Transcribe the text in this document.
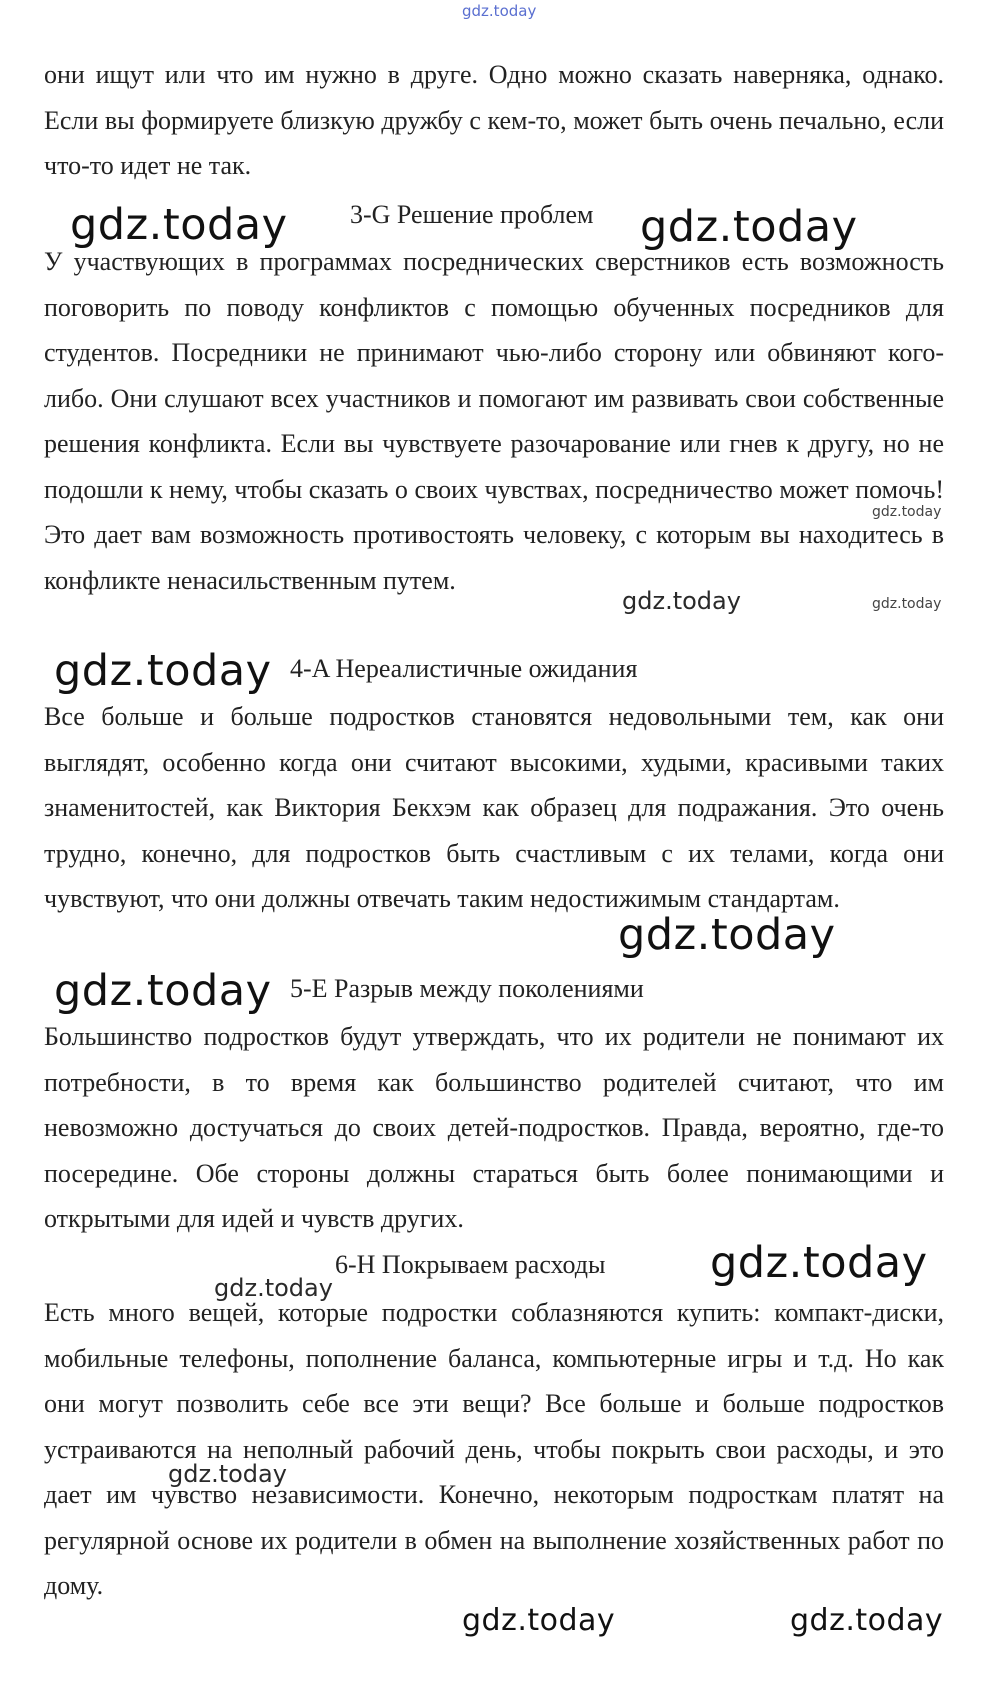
gdz.today

они ищут или что им нужно в друге. Одно можно сказать наверняка, однако. Если вы формируете близкую дружбу с кем-то, может быть очень печально, если что-то идет не так.

3-G Решение проблем
gdz.today	gdz.today

У участвующих в программах посреднических сверстников есть возможность поговорить по поводу конфликтов с помощью обученных посредников для студентов. Посредники не принимают чью-либо сторону или обвиняют кого-либо. Они слушают всех участников и помогают им развивать свои собственные решения конфликта. Если вы чувствуете разочарование или гнев к другу, но не подошли к нему, чтобы сказать о своих чувствах, посредничество может помочь! Это дает вам возможность противостоять человеку, с которым вы находитесь в конфликте ненасильственным путем.

gdz.today
gdz.today	gdz.today
4-A Нереалистичные ожидания
gdz.today

Все больше и больше подростков становятся недовольными тем, как они выглядят, особенно когда они считают высокими, худыми, красивыми таких знаменитостей, как Виктория Бекхэм как образец для подражания. Это очень трудно, конечно, для подростков быть счастливым с их телами, когда они чувствуют, что они должны отвечать таким недостижимым стандартам.

gdz.today
5-E Разрыв между поколениями
gdz.today

Большинство подростков будут утверждать, что их родители не понимают их потребности, в то время как большинство родителей считают, что им невозможно достучаться до своих детей-подростков. Правда, вероятно, где-то посередине. Обе стороны должны стараться быть более понимающими и открытыми для идей и чувств других.

6-H Покрываем расходы gdz.today
gdz.today

Есть много вещей, которые подростки соблазняются купить: компакт-диски, мобильные телефоны, пополнение баланса, компьютерные игры и т.д. Но как они могут позволить себе все эти вещи? Все больше и больше подростков устраиваются на неполный рабочий день, чтобы покрыть свои расходы, и это дает им чувство независимости. Конечно, некоторым подросткам платят на регулярной основе их родители в обмен на выполнение хозяйственных работ по дому.

gdz.today
gdz.today	gdz.today
